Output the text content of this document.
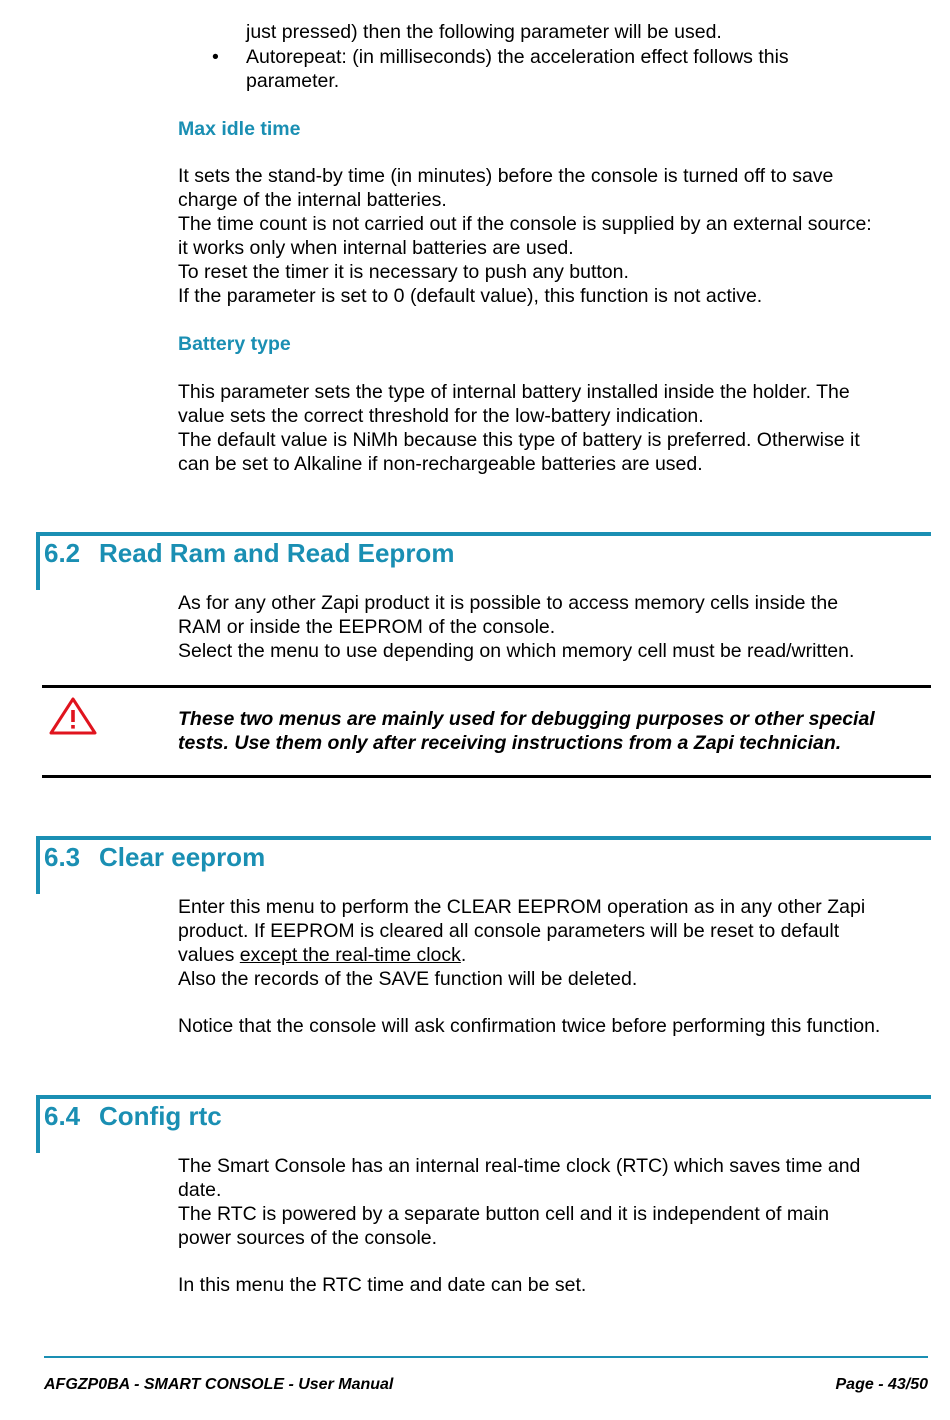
just pressed) then the following parameter will be used.
• Autorepeat: (in milliseconds) the acceleration effect follows this
parameter.
Max idle time
It sets the stand-by time (in minutes) before the console is turned off to save
charge of the internal batteries.
The time count is not carried out if the console is supplied by an external source:
it works only when internal batteries are used.
To reset the timer it is necessary to push any button.
If the parameter is set to 0 (default value), this function is not active.
Battery type
This parameter sets the type of internal battery installed inside the holder. The
value sets the correct threshold for the low-battery indication.
The default value is NiMh because this type of battery is preferred. Otherwise it
can be set to Alkaline if non-rechargeable batteries are used.
6.2 Read Ram and Read Eeprom
As for any other Zapi product it is possible to access memory cells inside the
RAM or inside the EEPROM of the console.
Select the menu to use depending on which memory cell must be read/written.
These two menus are mainly used for debugging purposes or other special
tests. Use them only after receiving instructions from a Zapi technician.
6.3 Clear eeprom
Enter this menu to perform the CLEAR EEPROM operation as in any other Zapi
product. If EEPROM is cleared all console parameters will be reset to default
values except the real-time clock.
Also the records of the SAVE function will be deleted.
Notice that the console will ask confirmation twice before performing this function.
6.4 Config rtc
The Smart Console has an internal real-time clock (RTC) which saves time and
date.
The RTC is powered by a separate button cell and it is independent of main
power sources of the console.
In this menu the RTC time and date can be set.
AFGZP0BA - SMART CONSOLE - User Manual	Page - 43/50
